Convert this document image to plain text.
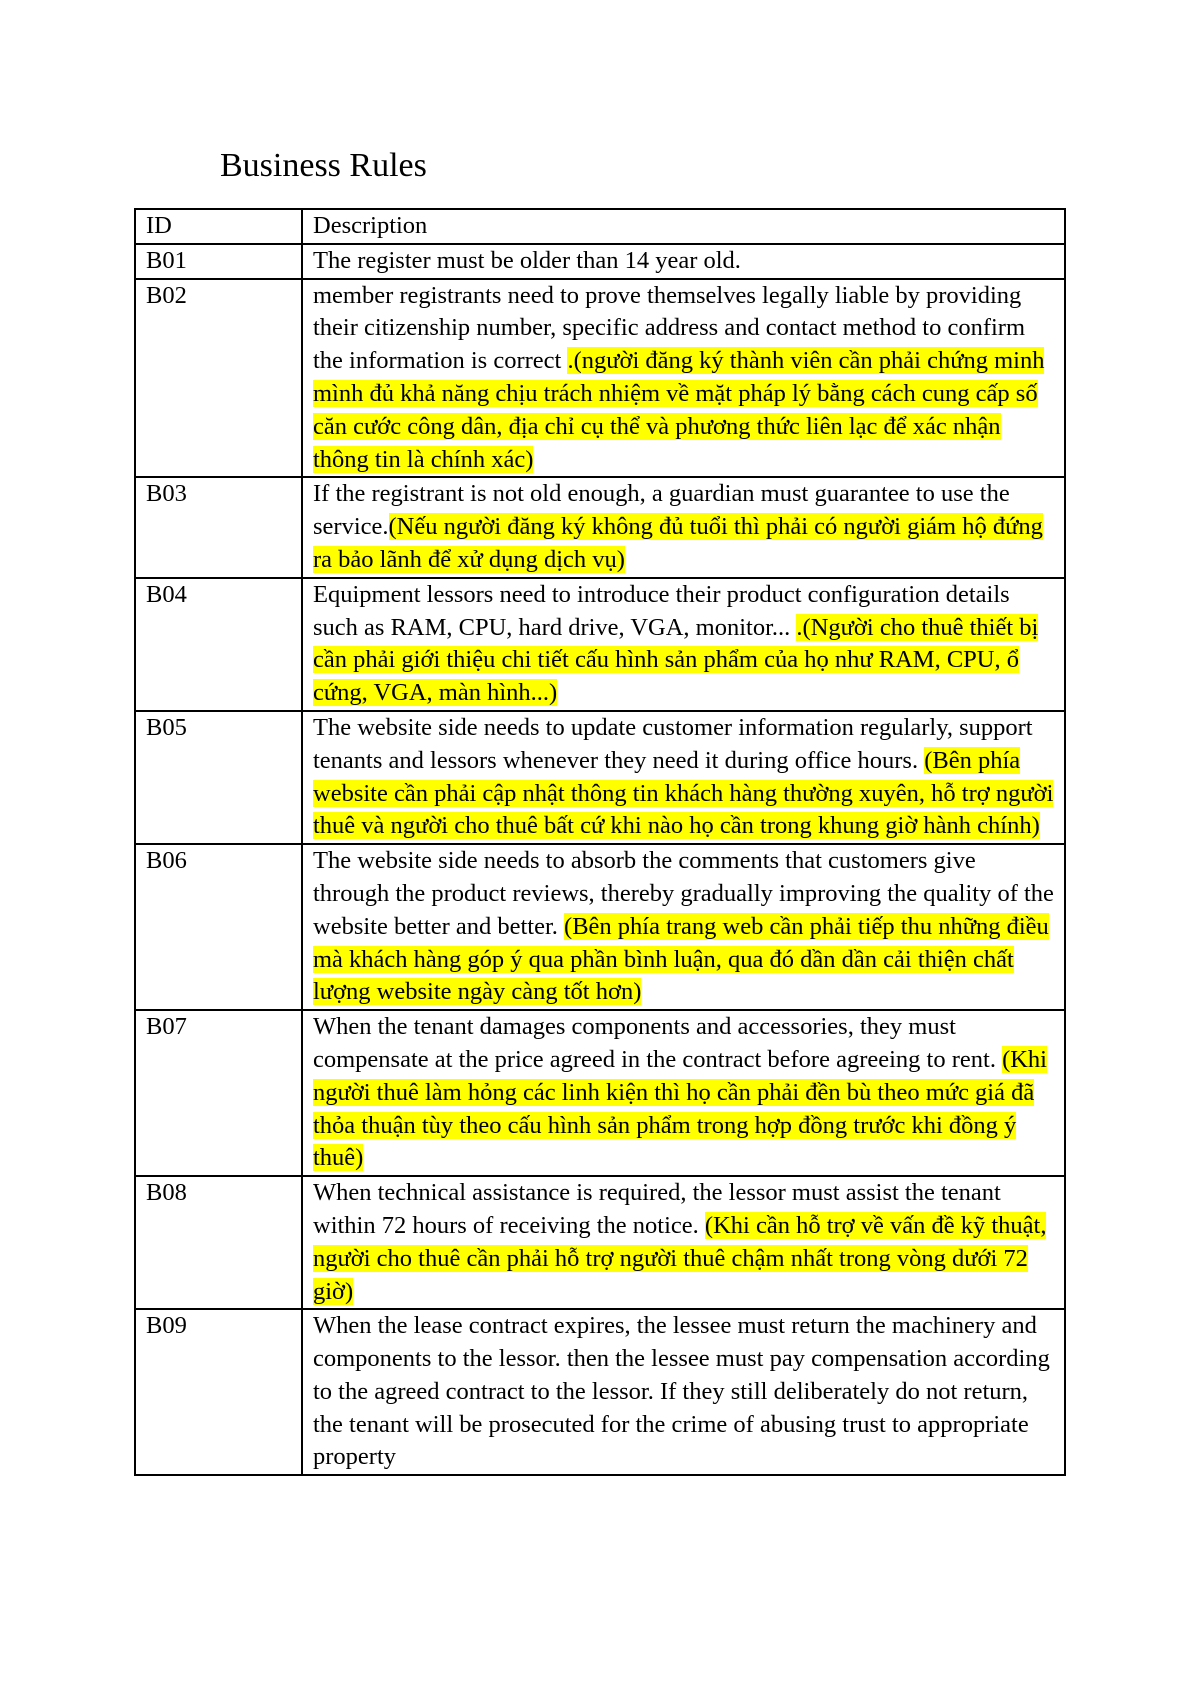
Business Rules
ID	Description
B01	The register must be older than 14 year old.
B02	member registrants need to prove themselves legally liable by providing their citizenship number, specific address and contact method to confirm the information is correct .(người đăng ký thành viên cần phải chứng minh mình đủ khả năng chịu trách nhiệm về mặt pháp lý bằng cách cung cấp số căn cước công dân, địa chỉ cụ thể và phương thức liên lạc để xác nhận thông tin là chính xác)
B03	If the registrant is not old enough, a guardian must guarantee to use the service.(Nếu người đăng ký không đủ tuổi thì phải có người giám hộ đứng ra bảo lãnh để xử dụng dịch vụ)
B04	Equipment lessors need to introduce their product configuration details such as RAM, CPU, hard drive, VGA, monitor... .(Người cho thuê thiết bị cần phải giới thiệu chi tiết cấu hình sản phẩm của họ như RAM, CPU, ổ cứng, VGA, màn hình...)
B05	The website side needs to update customer information regularly, support tenants and lessors whenever they need it during office hours. (Bên phía website cần phải cập nhật thông tin khách hàng thường xuyên, hỗ trợ người thuê và người cho thuê bất cứ khi nào họ cần trong khung giờ hành chính)
B06	The website side needs to absorb the comments that customers give through the product reviews, thereby gradually improving the quality of the website better and better. (Bên phía trang web cần phải tiếp thu những điều mà khách hàng góp ý qua phần bình luận, qua đó dần dần cải thiện chất lượng website ngày càng tốt hơn)
B07	When the tenant damages components and accessories, they must compensate at the price agreed in the contract before agreeing to rent. (Khi người thuê làm hỏng các linh kiện thì họ cần phải đền bù theo mức giá đã thỏa thuận tùy theo cấu hình sản phẩm trong hợp đồng trước khi đồng ý thuê)
B08	When technical assistance is required, the lessor must assist the tenant within 72 hours of receiving the notice. (Khi cần hỗ trợ về vấn đề kỹ thuật, người cho thuê cần phải hỗ trợ người thuê chậm nhất trong vòng dưới 72 giờ)
B09	When the lease contract expires, the lessee must return the machinery and components to the lessor. then the lessee must pay compensation according to the agreed contract to the lessor. If they still deliberately do not return, the tenant will be prosecuted for the crime of abusing trust to appropriate property
